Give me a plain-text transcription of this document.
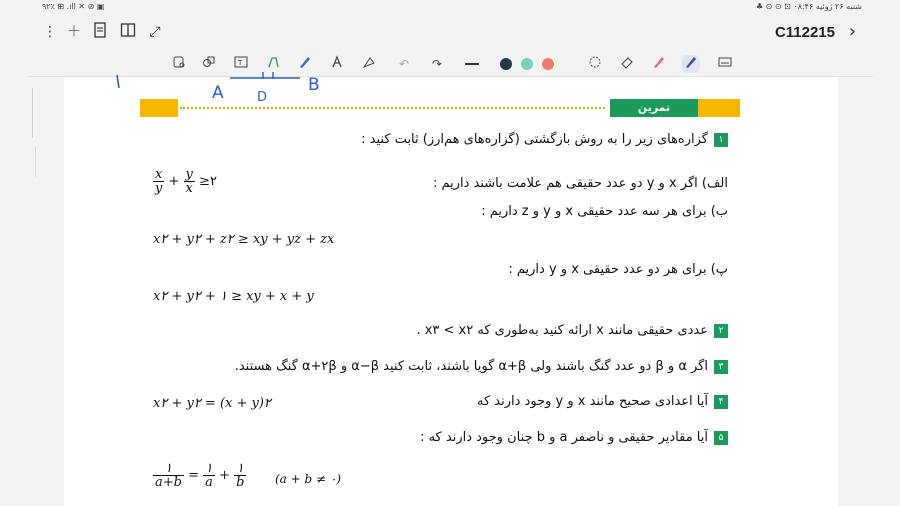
۹۲٪ ⊞ .ıll ✕ ⊘ ▣	شنبه ۲۶ ژوئیه ۰۸:۴۶ ⊡ ⊙ ⊙ ♣
⋮ ＋	⤢	C112215 ›
T	↶	↷
A	D
B
تمرین
۱گزاره‌های زیر را به روش بازگشتی (گزاره‌های هم‌ارز) ثابت کنید :
الف) اگر x و y دو عدد حقیقی هم علامت باشند داریم :
$\frac{x}{y} + \frac{y}{x}$ ≥۲
ب) برای هر سه عدد حقیقی x و y و z داریم :
x۲ + y۲ + z۲ ≥ xy + yz + zx
پ) برای هر دو عدد حقیقی x و y داریم :
x۲ + y۲ + ۱ ≥ xy + x + y
۲عددی حقیقی مانند x ارائه کنید به‌طوری که x۳ < x۲ .
۳اگر α و β دو عدد گنگ باشند ولی α+β گویا باشند، ثابت کنید α−β و α+۲β گنگ هستند.
۴آیا اعدادی صحیح مانند x و y وجود دارند که
x۲ + y۲ = (x + y)۲
۵آیا مقادیر حقیقی و ناصفر a و b چنان وجود دارند که :
$\frac{۱}{a+b} = \frac{۱}{a} + \frac{۱}{b} (a + b$ ≠ ۰)
